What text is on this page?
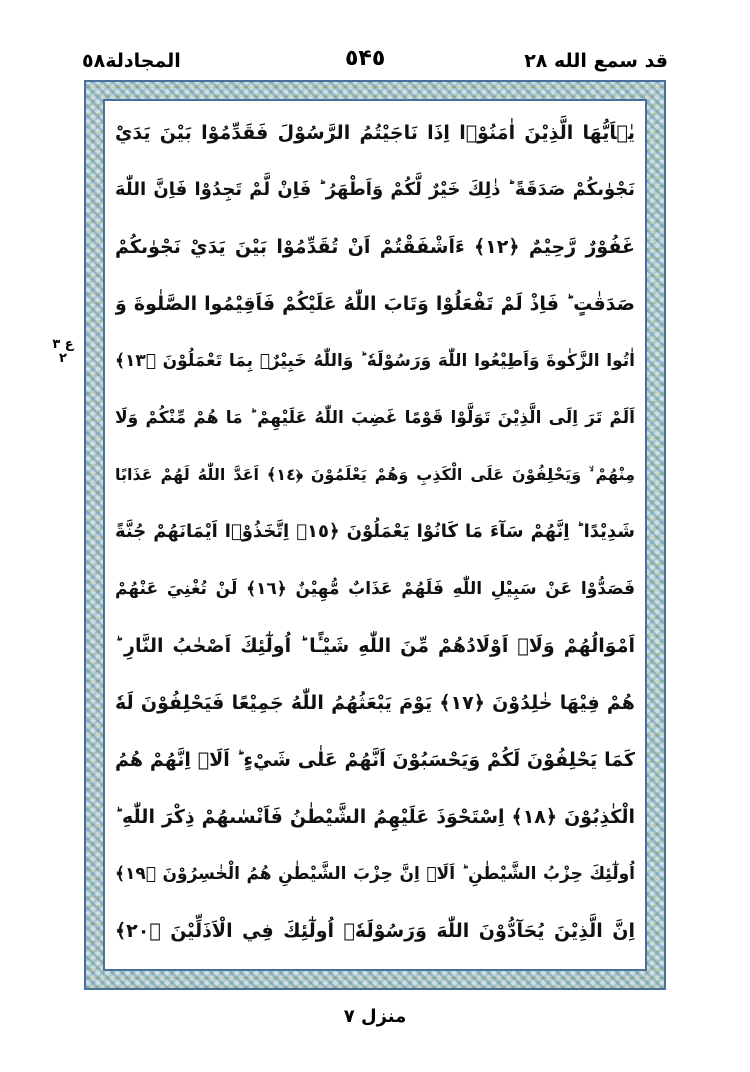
المجادلة٥٨	٥۴٥	قد سمع الله ٢٨
ع ٣ ٢
يٰۤاَيُّهَا الَّذِيْنَ اٰمَنُوْۤا اِذَا نَاجَيْتُمُ الرَّسُوْلَ فَقَدِّمُوْا بَيْنَ يَدَيْ
نَجْوٰىكُمْ صَدَقَةً ؕ ذٰلِكَ خَيْرٌ لَّكُمْ وَاَطْهَرُ ؕ فَاِنْ لَّمْ تَجِدُوْا فَاِنَّ اللّٰهَ
غَفُوْرٌ رَّحِيْمٌ ﴿١٢﴾ ءَاَشْفَقْتُمْ اَنْ تُقَدِّمُوْا بَيْنَ يَدَيْ نَجْوٰىكُمْ
صَدَقٰتٍ ؕ فَاِذْ لَمْ تَفْعَلُوْا وَتَابَ اللّٰهُ عَلَيْكُمْ فَاَقِيْمُوا الصَّلٰوةَ وَ
اٰتُوا الزَّكٰوةَ وَاَطِيْعُوا اللّٰهَ وَرَسُوْلَهٗ ؕ وَاللّٰهُ خَبِيْرٌۢ بِمَا تَعْمَلُوْنَ ﴿١٣﴾
اَلَمْ تَرَ اِلَى الَّذِيْنَ تَوَلَّوْا قَوْمًا غَضِبَ اللّٰهُ عَلَيْهِمْ ؕ مَا هُمْ مِّنْكُمْ وَلَا
مِنْهُمْ ۙ وَيَحْلِفُوْنَ عَلَى الْكَذِبِ وَهُمْ يَعْلَمُوْنَ ﴿١٤﴾ اَعَدَّ اللّٰهُ لَهُمْ عَذَابًا
شَدِيْدًا ؕ اِنَّهُمْ سَآءَ مَا كَانُوْا يَعْمَلُوْنَ ﴿١٥﴾ اِتَّخَذُوْۤا اَيْمَانَهُمْ جُنَّةً
فَصَدُّوْا عَنْ سَبِيْلِ اللّٰهِ فَلَهُمْ عَذَابٌ مُّهِيْنٌ ﴿١٦﴾ لَنْ تُغْنِيَ عَنْهُمْ
اَمْوَالُهُمْ وَلَاۤ اَوْلَادُهُمْ مِّنَ اللّٰهِ شَيْـًٔا ؕ اُولٰٓئِكَ اَصْحٰبُ النَّارِ ؕ
هُمْ فِيْهَا خٰلِدُوْنَ ﴿١٧﴾ يَوْمَ يَبْعَثُهُمُ اللّٰهُ جَمِيْعًا فَيَحْلِفُوْنَ لَهٗ
كَمَا يَحْلِفُوْنَ لَكُمْ وَيَحْسَبُوْنَ اَنَّهُمْ عَلٰى شَيْءٍ ؕ اَلَاۤ اِنَّهُمْ هُمُ
الْكٰذِبُوْنَ ﴿١٨﴾ اِسْتَحْوَذَ عَلَيْهِمُ الشَّيْطٰنُ فَاَنْسٰىهُمْ ذِكْرَ اللّٰهِ ؕ
اُولٰٓئِكَ حِزْبُ الشَّيْطٰنِ ؕ اَلَاۤ اِنَّ حِزْبَ الشَّيْطٰنِ هُمُ الْخٰسِرُوْنَ ﴿١٩﴾
اِنَّ الَّذِيْنَ يُحَآدُّوْنَ اللّٰهَ وَرَسُوْلَهٗۤ اُولٰٓئِكَ فِي الْاَذَلِّيْنَ ﴿٢٠﴾
منزل ٧
